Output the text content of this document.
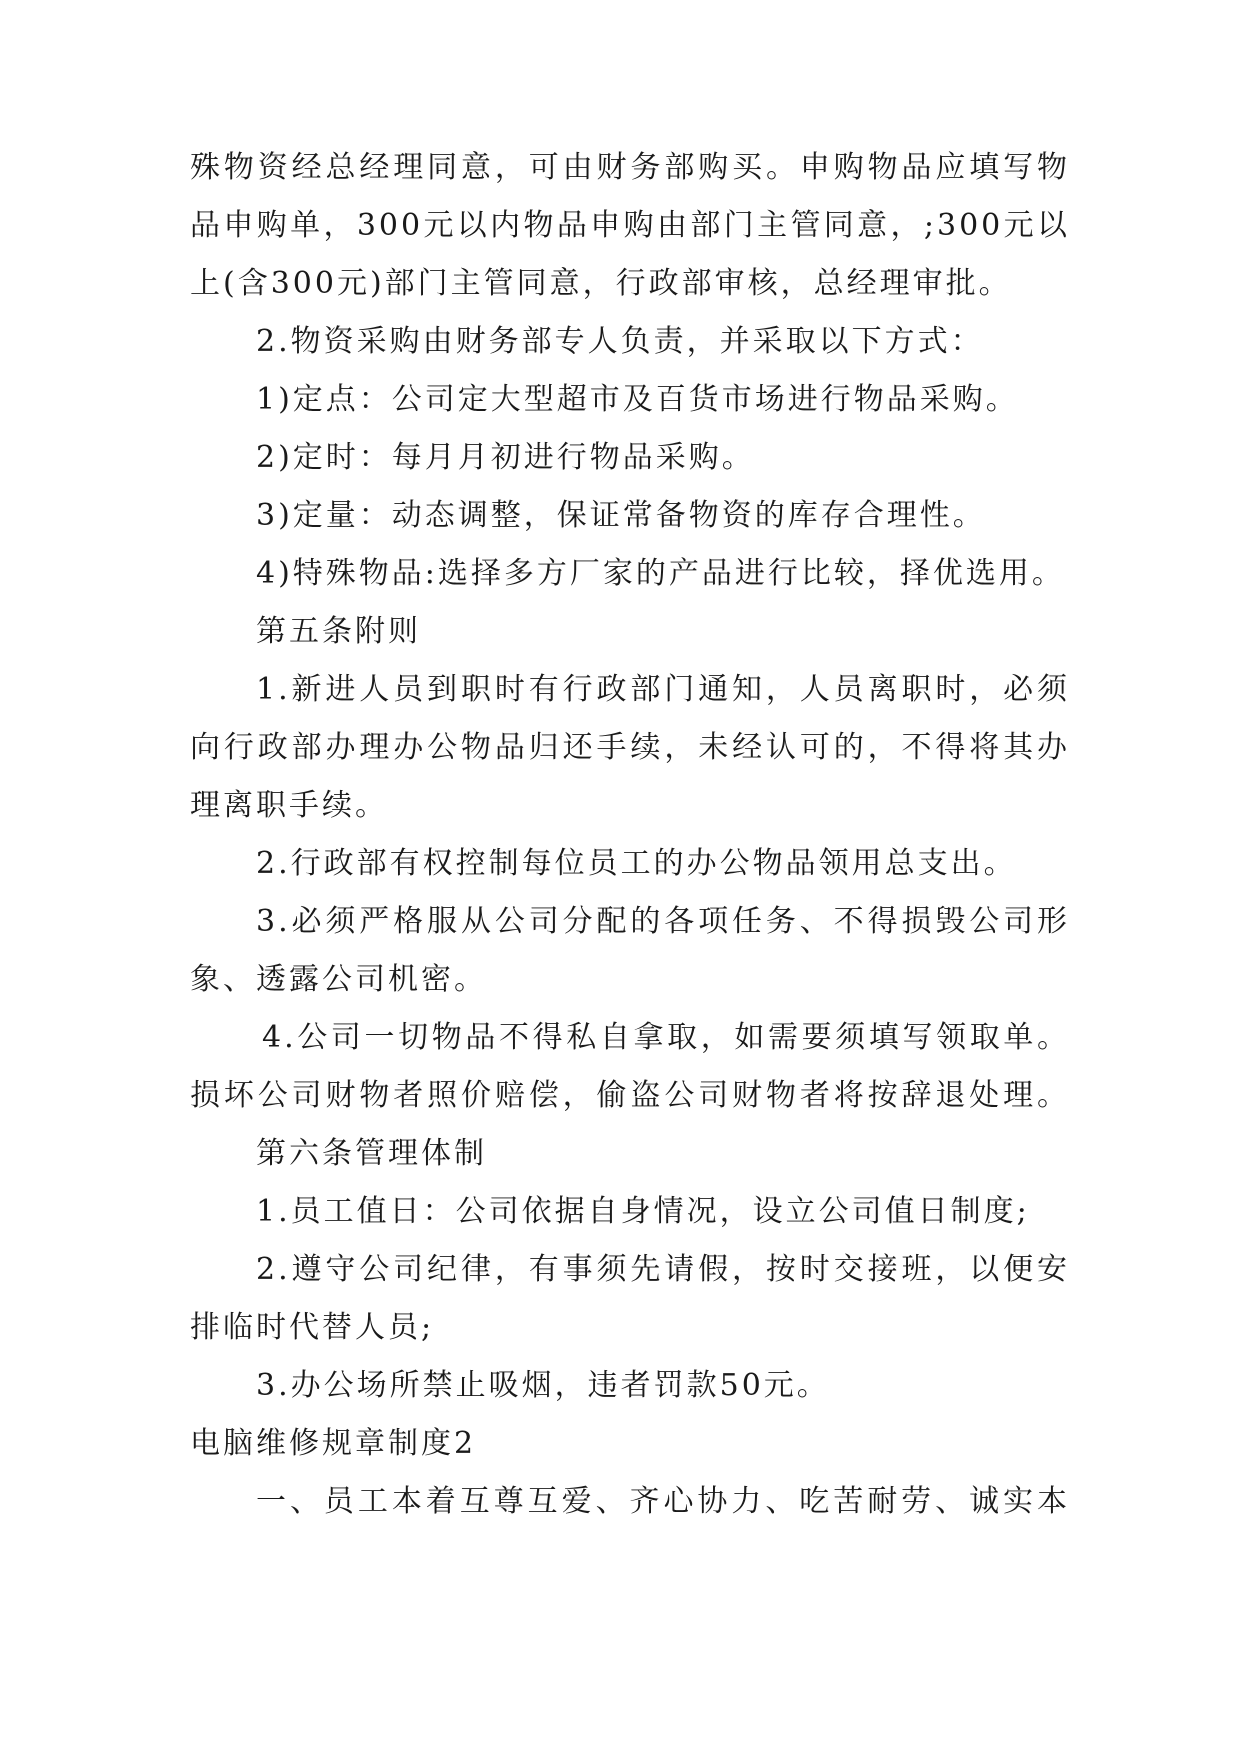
殊物资经总经理同意，可由财务部购买。申购物品应填写物
品申购单，300元以内物品申购由部门主管同意，;300元以
上(含300元)部门主管同意，行政部审核，总经理审批。
2.物资采购由财务部专人负责，并采取以下方式：
1)定点：公司定大型超市及百货市场进行物品采购。
2)定时：每月月初进行物品采购。
3)定量：动态调整，保证常备物资的库存合理性。
4)特殊物品:选择多方厂家的产品进行比较，择优选用。
第五条附则
1.新进人员到职时有行政部门通知，人员离职时，必须
向行政部办理办公物品归还手续，未经认可的，不得将其办
理离职手续。
2.行政部有权控制每位员工的办公物品领用总支出。
3.必须严格服从公司分配的各项任务、不得损毁公司形
象、透露公司机密。
4.公司一切物品不得私自拿取，如需要须填写领取单。
损坏公司财物者照价赔偿，偷盗公司财物者将按辞退处理。
第六条管理体制
1.员工值日：公司依据自身情况，设立公司值日制度;
2.遵守公司纪律，有事须先请假，按时交接班，以便安
排临时代替人员;
3.办公场所禁止吸烟，违者罚款50元。
电脑维修规章制度2
一、员工本着互尊互爱、齐心协力、吃苦耐劳、诚实本
